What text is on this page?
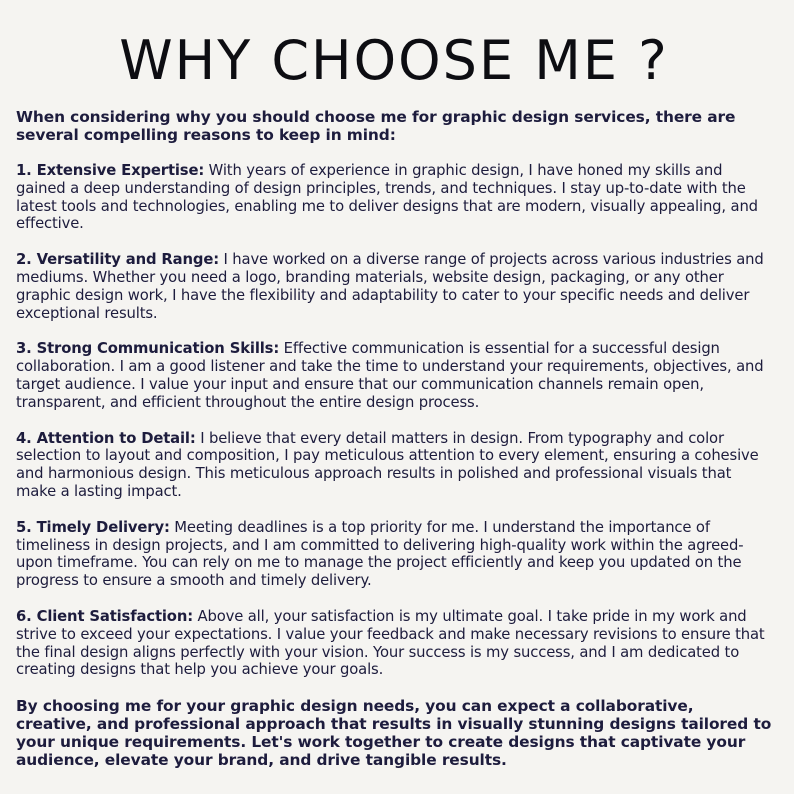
WHY CHOOSE ME ?

When considering why you should choose me for graphic design services, there are several compelling reasons to keep in mind:

1. Extensive Expertise: With years of experience in graphic design, I have honed my skills and gained a deep understanding of design principles, trends, and techniques. I stay up-to-date with the latest tools and technologies, enabling me to deliver designs that are modern, visually appealing, and effective.

2. Versatility and Range: I have worked on a diverse range of projects across various industries and mediums. Whether you need a logo, branding materials, website design, packaging, or any other graphic design work, I have the flexibility and adaptability to cater to your specific needs and deliver exceptional results.

3. Strong Communication Skills: Effective communication is essential for a successful design collaboration. I am a good listener and take the time to understand your requirements, objectives, and target audience. I value your input and ensure that our communication channels remain open, transparent, and efficient throughout the entire design process.

4. Attention to Detail: I believe that every detail matters in design. From typography and color selection to layout and composition, I pay meticulous attention to every element, ensuring a cohesive and harmonious design. This meticulous approach results in polished and professional visuals that make a lasting impact.

5. Timely Delivery: Meeting deadlines is a top priority for me. I understand the importance of timeliness in design projects, and I am committed to delivering high-quality work within the agreed-upon timeframe. You can rely on me to manage the project efficiently and keep you updated on the progress to ensure a smooth and timely delivery.

6. Client Satisfaction: Above all, your satisfaction is my ultimate goal. I take pride in my work and strive to exceed your expectations. I value your feedback and make necessary revisions to ensure that the final design aligns perfectly with your vision. Your success is my success, and I am dedicated to creating designs that help you achieve your goals.

By choosing me for your graphic design needs, you can expect a collaborative, creative, and professional approach that results in visually stunning designs tailored to your unique requirements. Let's work together to create designs that captivate your audience, elevate your brand, and drive tangible results.
